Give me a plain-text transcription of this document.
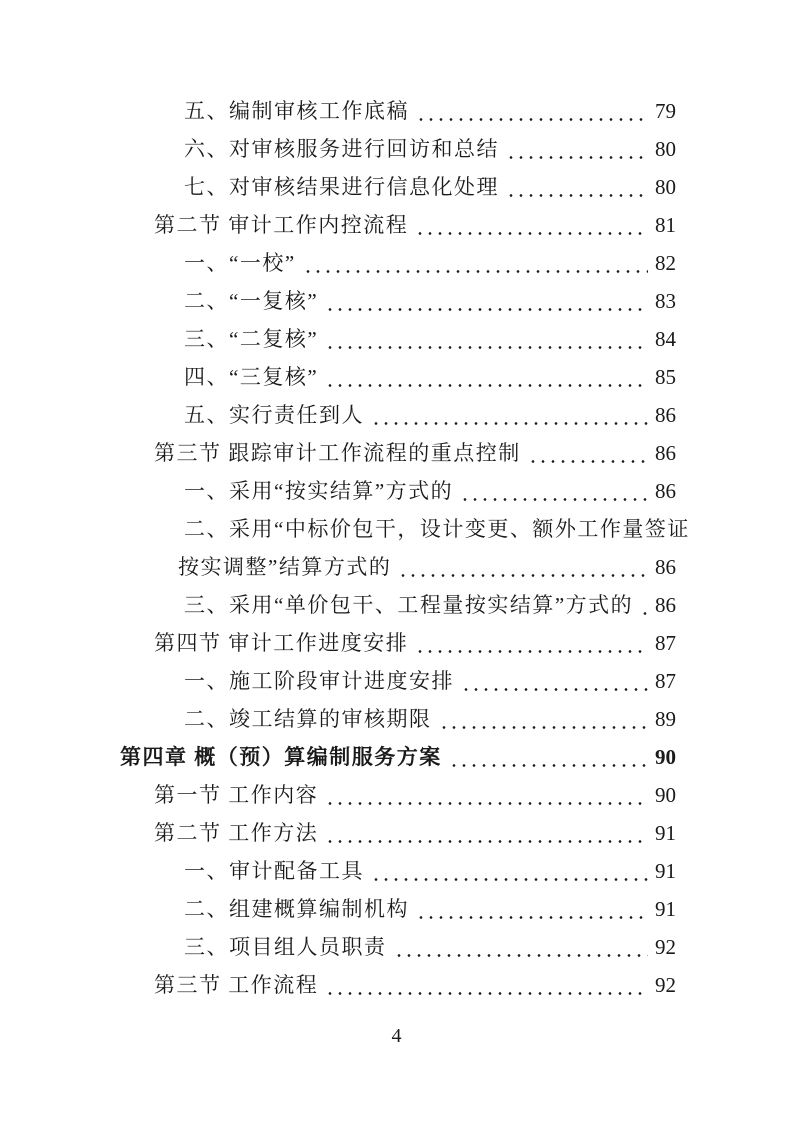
五、编制审核工作底稿	79
六、对审核服务进行回访和总结	80
七、对审核结果进行信息化处理	80
第二节 审计工作内控流程	81
一、“一校”	82
二、“一复核”	83
三、“二复核”	84
四、“三复核”	85
五、实行责任到人	86
第三节 跟踪审计工作流程的重点控制	86
一、采用“按实结算”方式的	86
二、采用“中标价包干，设计变更、额外工作量签证
按实调整”结算方式的	86
三、采用“单价包干、工程量按实结算”方式的 86
第四节 审计工作进度安排	87
一、施工阶段审计进度安排	87
二、竣工结算的审核期限	89
第四章 概（预）算编制服务方案	90
第一节 工作内容	90
第二节 工作方法	91
一、审计配备工具	91
二、组建概算编制机构	91
三、项目组人员职责	92
第三节 工作流程	92
4
